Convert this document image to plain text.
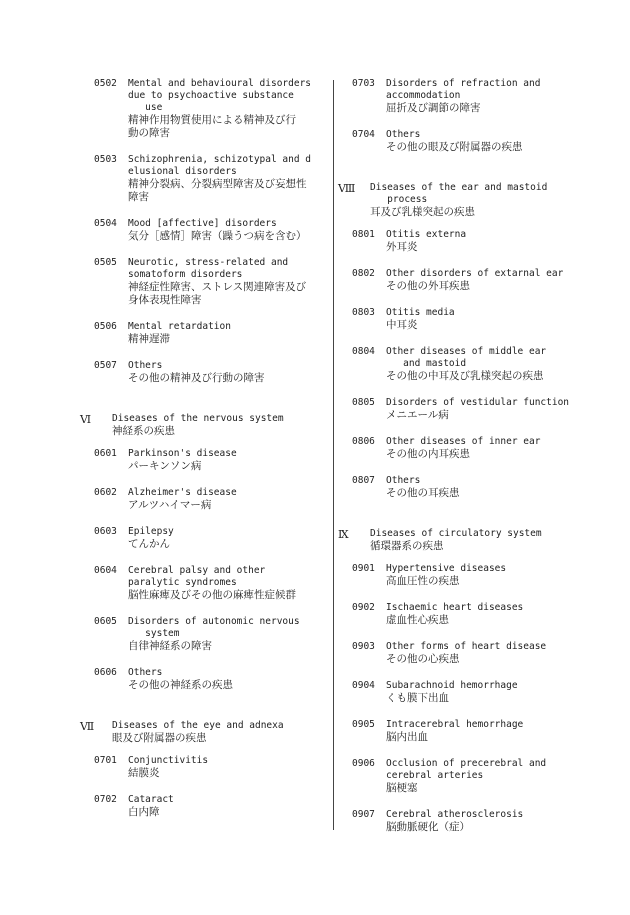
0502 Mental and behavioural disorders
due to psychoactive substance
use
精神作用物質使用による精神及び行
動の障害
0503 Schizophrenia, schizotypal and d
elusional disorders
精神分裂病、分裂病型障害及び妄想性
障害
0504 Mood [affective] disorders
気分［感情］障害（躁うつ病を含む）
0505 Neurotic, stress‐related and
somatoform disorders
神経症性障害、ストレス関連障害及び
身体表現性障害
0506 Mental retardation
精神遅滞
0507 Others
その他の精神及び行動の障害
Ⅵ Diseases of the nervous system
神経系の疾患
0601 Parkinson's disease
パーキンソン病
0602 Alzheimer's disease
アルツハイマー病
0603 Epilepsy
てんかん
0604 Cerebral palsy and other
paralytic syndromes
脳性麻痺及びその他の麻痺性症候群
0605 Disorders of autonomic nervous
system
自律神経系の障害
0606 Others
その他の神経系の疾患
Ⅶ Diseases of the eye and adnexa
眼及び附属器の疾患
0701 Conjunctivitis
結膜炎
0702 Cataract
白内障
0703 Disorders of refraction and
accommodation
屈折及び調節の障害
0704 Others
その他の眼及び附属器の疾患
Ⅷ Diseases of the ear and mastoid
process
耳及び乳様突起の疾患
0801 Otitis externa
外耳炎
0802 Other disorders of extarnal ear
その他の外耳疾患
0803 Otitis media
中耳炎
0804 Other diseases of middle ear
and mastoid
その他の中耳及び乳様突起の疾患
0805 Disorders of vestidular function
メニエール病
0806 Other diseases of inner ear
その他の内耳疾患
0807 Others
その他の耳疾患
Ⅸ Diseases of circulatory system
循環器系の疾患
0901 Hypertensive diseases
高血圧性の疾患
0902 Ischaemic heart diseases
虚血性心疾患
0903 Other forms of heart disease
その他の心疾患
0904 Subarachnoid hemorrhage
くも膜下出血
0905 Intracerebral hemorrhage
脳内出血
0906 Occlusion of precerebral and
cerebral arteries
脳梗塞
0907 Cerebral atherosclerosis
脳動脈硬化（症）
